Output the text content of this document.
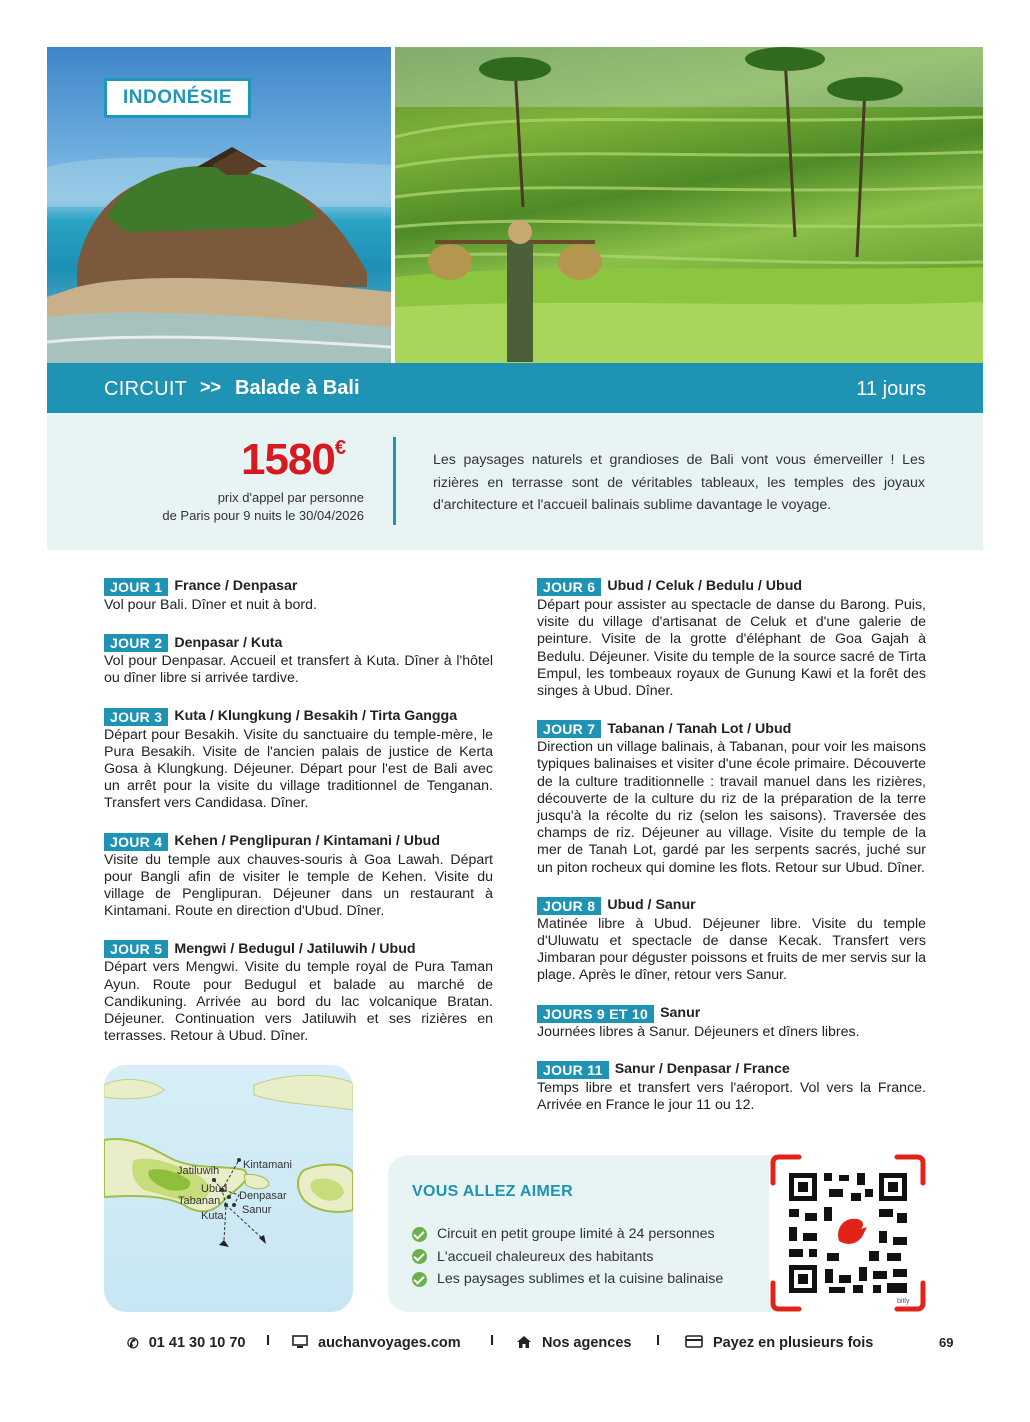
INDONÉSIE
CIRCUIT >> Balade à Bali	11 jours
1580€
prix d'appel par personne
de Paris pour 9 nuits le 30/04/2026
Les paysages naturels et grandioses de Bali vont vous émerveiller ! Les rizières en terrasse sont de véritables tableaux, les temples des joyaux d'architecture et l'accueil balinais sublime davantage le voyage.
JOUR 1 France / Denpasar
Vol pour Bali. Dîner et nuit à bord.
JOUR 2 Denpasar / Kuta
Vol pour Denpasar. Accueil et transfert à Kuta. Dîner à l'hôtel ou dîner libre si arrivée tardive.
JOUR 3 Kuta / Klungkung / Besakih / Tirta Gangga
Départ pour Besakih. Visite du sanctuaire du temple-mère, le Pura Besakih. Visite de l'ancien palais de justice de Kerta Gosa à Klungkung. Déjeuner. Départ pour l'est de Bali avec un arrêt pour la visite du village traditionnel de Tenganan. Transfert vers Candidasa. Dîner.
JOUR 4 Kehen / Penglipuran / Kintamani / Ubud
Visite du temple aux chauves-souris à Goa Lawah. Départ pour Bangli afin de visiter le temple de Kehen. Visite du village de Penglipuran. Déjeuner dans un restaurant à Kintamani. Route en direction d'Ubud. Dîner.
JOUR 5 Mengwi / Bedugul / Jatiluwih / Ubud
Départ vers Mengwi. Visite du temple royal de Pura Taman Ayun. Route pour Bedugul et balade au marché de Candikuning. Arrivée au bord du lac volcanique Bratan. Déjeuner. Continuation vers Jatiluwih et ses rizières en terrasses. Retour à Ubud. Dîner.
JOUR 6 Ubud / Celuk / Bedulu / Ubud
Départ pour assister au spectacle de danse du Barong. Puis, visite du village d'artisanat de Celuk et d'une galerie de peinture. Visite de la grotte d'éléphant de Goa Gajah à Bedulu. Déjeuner. Visite du temple de la source sacré de Tirta Empul, les tombeaux royaux de Gunung Kawi et la forêt des singes à Ubud. Dîner.
JOUR 7 Tabanan / Tanah Lot / Ubud
Direction un village balinais, à Tabanan, pour voir les maisons typiques balinaises et visiter d'une école primaire. Découverte de la culture traditionnelle : travail manuel dans les rizières, découverte de la culture du riz de la préparation de la terre jusqu'à la récolte du riz (selon les saisons). Traversée des champs de riz. Déjeuner au village. Visite du temple de la mer de Tanah Lot, gardé par les serpents sacrés, juché sur un piton rocheux qui domine les flots. Retour sur Ubud. Dîner.
JOUR 8 Ubud / Sanur
Matinée libre à Ubud. Déjeuner libre. Visite du temple d'Uluwatu et spectacle de danse Kecak. Transfert vers Jimbaran pour déguster poissons et fruits de mer servis sur la plage. Après le dîner, retour vers Sanur.
JOURS 9 ET 10 Sanur
Journées libres à Sanur. Déjeuners et dîners libres.
JOUR 11 Sanur / Denpasar / France
Temps libre et transfert vers l'aéroport. Vol vers la France. Arrivée en France le jour 11 ou 12.
Kintamani
Jatiluwih
Ubud
Tabanan Denpasar
Sanur
Kuta
VOUS ALLEZ AIMER
Circuit en petit groupe limité à 24 personnes
L'accueil chaleureux des habitants
Les paysages sublimes et la cuisine balinaise
bitly
✆ 01 41 30 10 70 I	auchanvoyages.com I	Nos agences I	Payez en plusieurs fois	69
